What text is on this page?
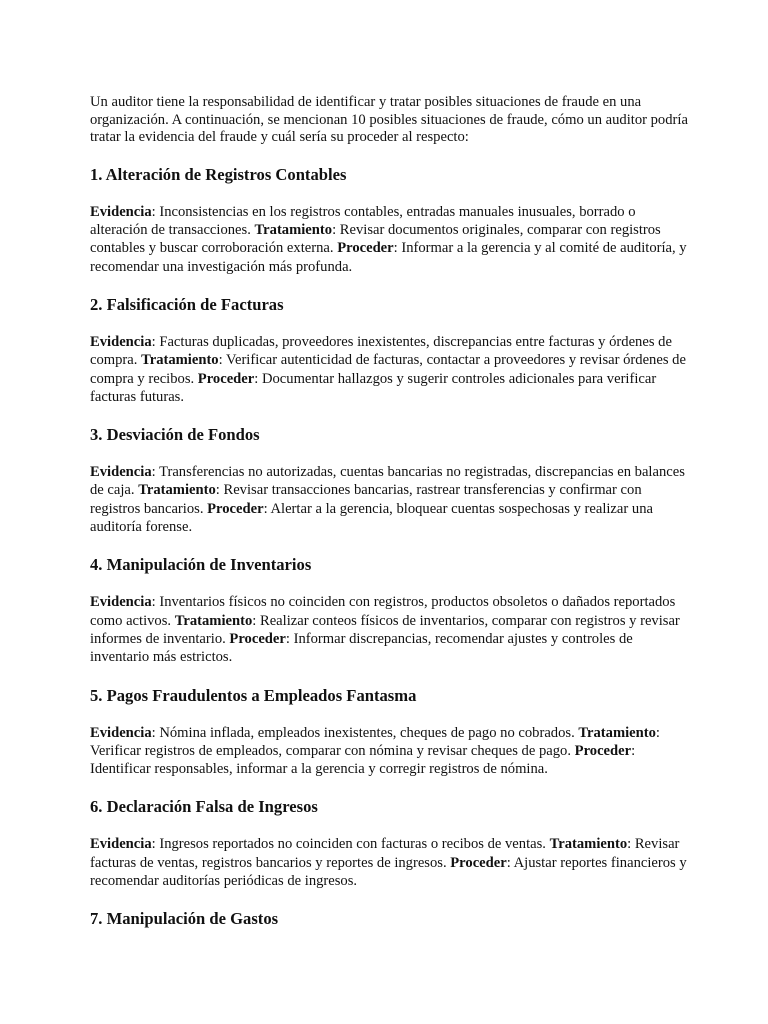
Un auditor tiene la responsabilidad de identificar y tratar posibles situaciones de fraude en una organización. A continuación, se mencionan 10 posibles situaciones de fraude, cómo un auditor podría tratar la evidencia del fraude y cuál sería su proceder al respecto:

1. Alteración de Registros Contables

Evidencia: Inconsistencias en los registros contables, entradas manuales inusuales, borrado o alteración de transacciones. Tratamiento: Revisar documentos originales, comparar con registros contables y buscar corroboración externa. Proceder: Informar a la gerencia y al comité de auditoría, y recomendar una investigación más profunda.

2. Falsificación de Facturas

Evidencia: Facturas duplicadas, proveedores inexistentes, discrepancias entre facturas y órdenes de compra. Tratamiento: Verificar autenticidad de facturas, contactar a proveedores y revisar órdenes de compra y recibos. Proceder: Documentar hallazgos y sugerir controles adicionales para verificar facturas futuras.

3. Desviación de Fondos

Evidencia: Transferencias no autorizadas, cuentas bancarias no registradas, discrepancias en balances de caja. Tratamiento: Revisar transacciones bancarias, rastrear transferencias y confirmar con registros bancarios. Proceder: Alertar a la gerencia, bloquear cuentas sospechosas y realizar una auditoría forense.

4. Manipulación de Inventarios

Evidencia: Inventarios físicos no coinciden con registros, productos obsoletos o dañados reportados como activos. Tratamiento: Realizar conteos físicos de inventarios, comparar con registros y revisar informes de inventario. Proceder: Informar discrepancias, recomendar ajustes y controles de inventario más estrictos.

5. Pagos Fraudulentos a Empleados Fantasma

Evidencia: Nómina inflada, empleados inexistentes, cheques de pago no cobrados. Tratamiento: Verificar registros de empleados, comparar con nómina y revisar cheques de pago. Proceder: Identificar responsables, informar a la gerencia y corregir registros de nómina.

6. Declaración Falsa de Ingresos

Evidencia: Ingresos reportados no coinciden con facturas o recibos de ventas. Tratamiento: Revisar facturas de ventas, registros bancarios y reportes de ingresos. Proceder: Ajustar reportes financieros y recomendar auditorías periódicas de ingresos.

7. Manipulación de Gastos
